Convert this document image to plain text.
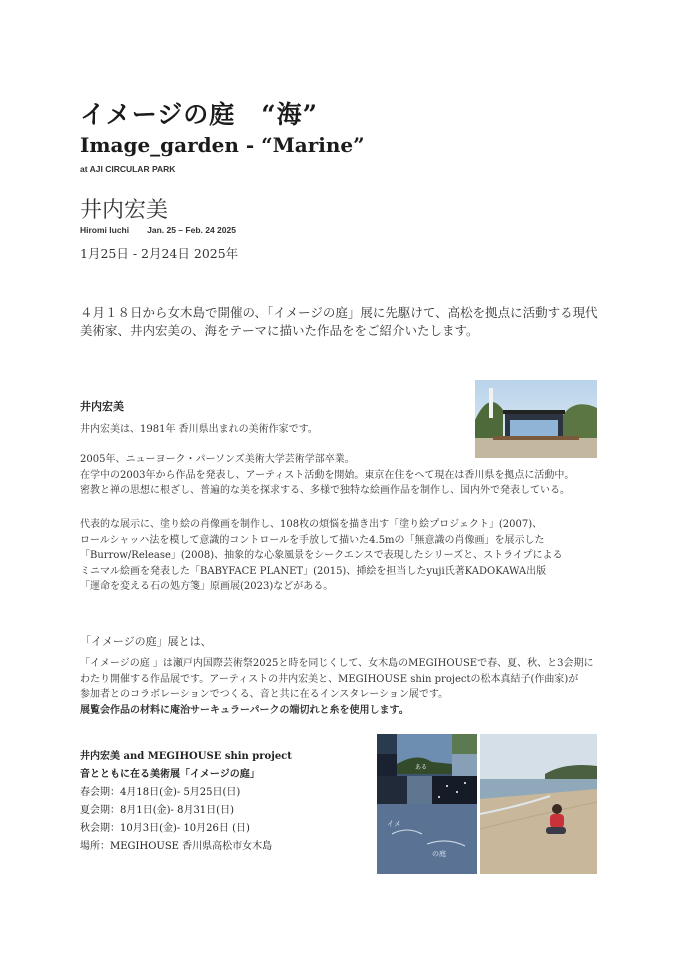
イメージの庭　“海”
Image_garden - “Marine”
at AJI CIRCULAR PARK
井内宏美
Hiromi Iuchi Jan. 25 – Feb. 24 2025
1月25日 - 2月24日 2025年
４月１８日から女木島で開催の、「イメージの庭」展に先駆けて、高松を拠点に活動する現代美術家、井内宏美の、海をテーマに描いた作品ををご紹介いたします。
井内宏美
井内宏美は、1981年 香川県出まれの美術作家です。
2005年、ニューヨーク・パーソンズ美術大学芸術学部卒業。
在学中の2003年から作品を発表し、アーティスト活動を開始。東京在住をへて現在は香川県を拠点に活動中。
密教と禅の思想に根ざし、普遍的な美を探求する、多様で独特な絵画作品を制作し、国内外で発表している。
代表的な展示に、塗り絵の肖像画を制作し、108枚の煩悩を描き出す「塗り絵プロジェクト」(2007)、
ロールシャッハ法を模して意識的コントロールを手放して描いた4.5mの「無意識の肖像画」を展示した
「Burrow/Release」(2008)、抽象的な心象風景をシークエンスで表現したシリーズと、ストライプによる
ミニマル絵画を発表した「BABYFACE PLANET」(2015)、挿絵を担当したyuji氏著KADOKAWA出版
「運命を変える石の処方箋」原画展(2023)などがある。
「イメージの庭」展とは、
「イメージの庭 」は瀬戸内国際芸術祭2025と時を同じくして、女木島のMEGIHOUSEで春、夏、秋、と3会期に
わたり開催する作品展です。アーティストの井内宏美と、MEGIHOUSE shin projectの松本真結子(作曲家)が
参加者とのコラボレーションでつくる、音と共に在るインスタレーション展です。
展覧会作品の材料に庵治サーキュラーパークの端切れと糸を使用します。
井内宏美 and MEGIHOUSE shin project
音とともに在る美術展「イメージの庭」
春会期：4月18日(金)- 5月25日(日)
夏会期：8月1日(金)- 8月31日(日)
秋会期：10月3日(金)- 10月26日 (日)
場所：MEGIHOUSE 香川県高松市女木島
ある
イメ
の庭
